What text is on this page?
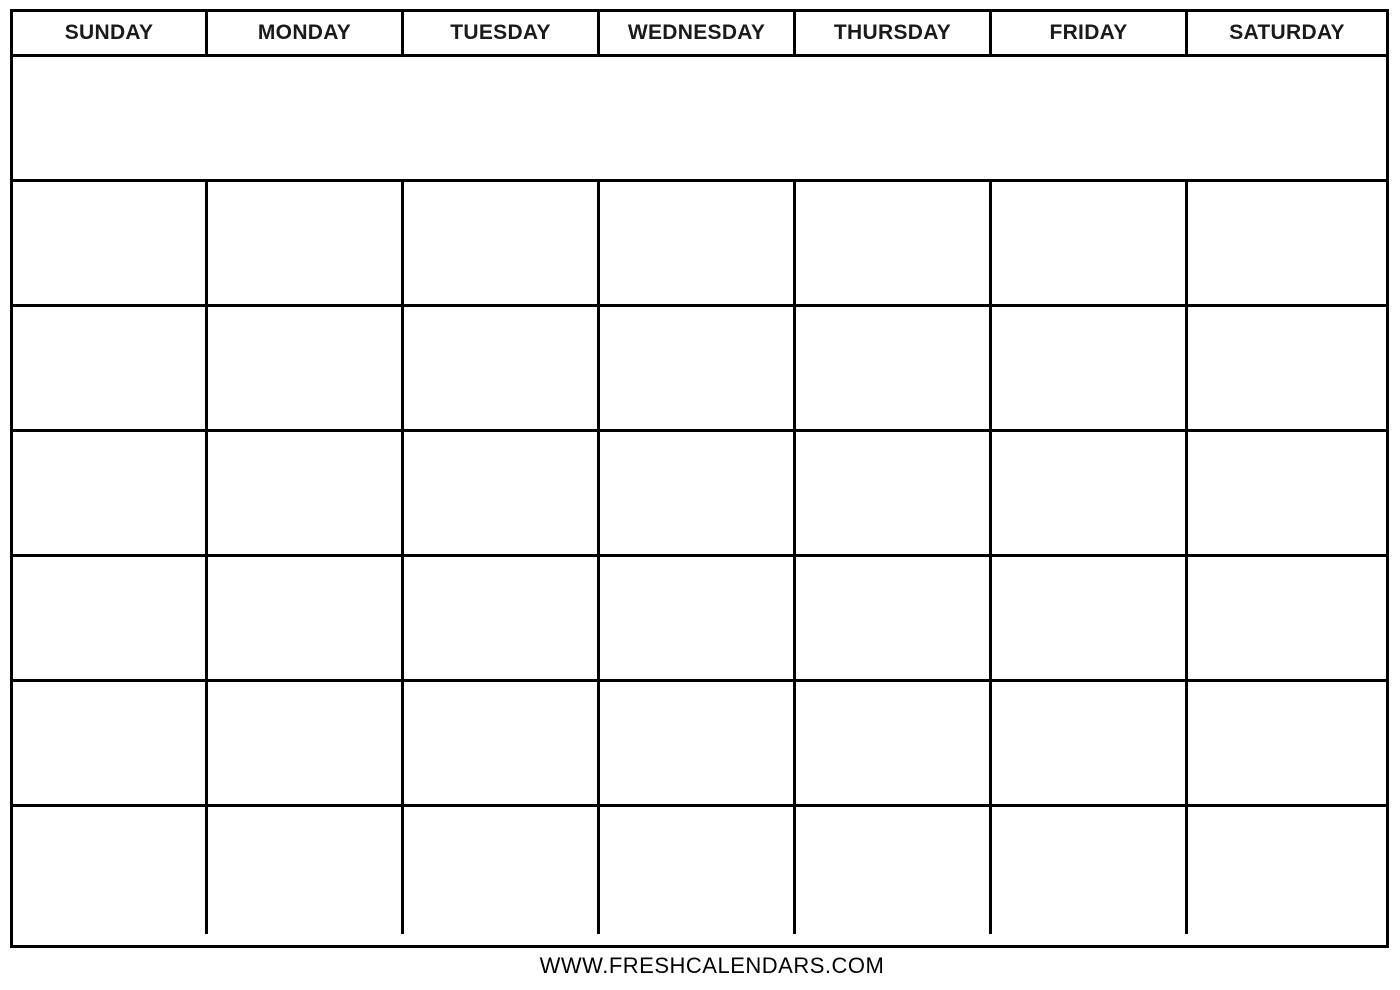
SUNDAY	MONDAY	TUESDAY	WEDNESDAY	THURSDAY	FRIDAY	SATURDAY
WWW.FRESHCALENDARS.COM
